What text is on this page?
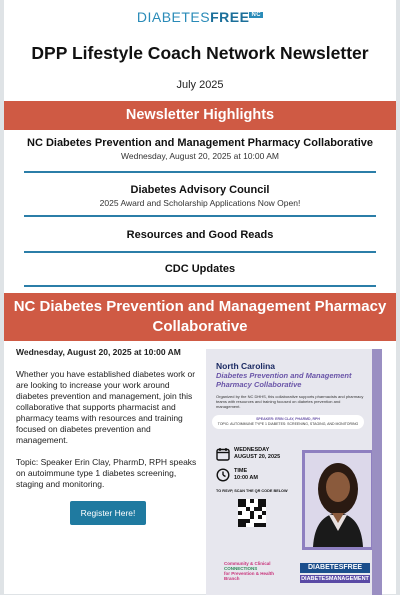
DIABETESFREE $^{NC}$
DPP Lifestyle Coach Network Newsletter
July 2025
Newsletter Highlights
NC Diabetes Prevention and Management Pharmacy Collaborative
Wednesday, August 20, 2025 at 10:00 AM
Diabetes Advisory Council
2025 Award and Scholarship Applications Now Open!
Resources and Good Reads
CDC Updates
NC Diabetes Prevention and Management Pharmacy Collaborative
Wednesday, August 20, 2025 at 10:00 AM

Whether you have established diabetes work or are looking to increase your work around diabetes prevention and management, join this collaborative that supports pharmacist and pharmacy teams with resources and training focused on diabetes prevention and management.

Topic: Speaker Erin Clay, PharmD, RPH speaks on autoimmune type 1 diabetes screening, staging and monitoring.

Register Here!
North Carolina
Diabetes Prevention and Management
Pharmacy Collaborative
Organized by the NC DHHS, this collaborative supports pharmacists and pharmacy teams with resources and training focused on diabetes prevention and management.
SPEAKER: ERIN CLAY, PHARMD, RPH
TOPIC: AUTOIMMUNE TYPE 1 DIABETES: SCREENING, STAGING, AND MONITORING
WEDNESDAY
AUGUST 20, 2025
TIME
10:00 AM
TO RSVP, SCAN THE QR CODE BELOW
Community & Clinical
CONNECTIONS
for Prevention & Health
Branch
DIABETESFREE
DIABETESMANAGEMENT
